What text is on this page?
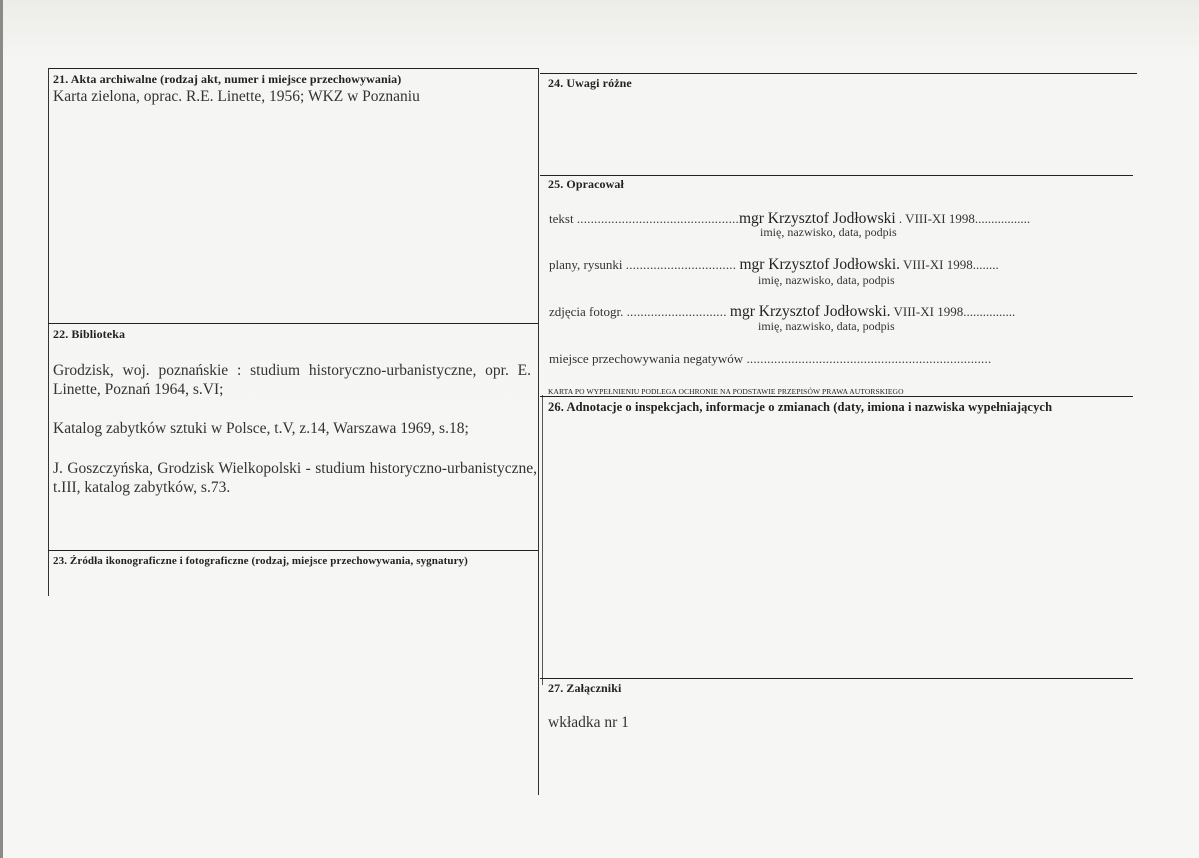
21. Akta archiwalne (rodzaj akt, numer i miejsce przechowywania)
Karta zielona, oprac. R.E. Linette, 1956; WKZ w Poznaniu
22. Biblioteka
Grodzisk, woj. poznańskie : studium historyczno-urbanistyczne, opr. E. Linette, Poznań 1964, s.VI;
Katalog zabytków sztuki w Polsce, t.V, z.14, Warszawa 1969, s.18;
J. Goszczyńska, Grodzisk Wielkopolski - studium historyczno-urbanistyczne, t.III, katalog zabytków, s.73.
23. Źródła ikonograficzne i fotograficzne (rodzaj, miejsce przechowywania, sygnatury)
24. Uwagi różne
25. Opracował
tekst ...............................................mgr Krzysztof Jodłowski . VIII-XI 1998.................
imię, nazwisko, data, podpis
plany, rysunki ................................ mgr Krzysztof Jodłowski. VIII-XI 1998........
imię, nazwisko, data, podpis
zdjęcia fotogr. ............................. mgr Krzysztof Jodłowski. VIII-XI 1998................
imię, nazwisko, data, podpis
miejsce przechowywania negatywów .......................................................................
KARTA PO WYPEŁNIENIU PODLEGA OCHRONIE NA PODSTAWIE PRZEPISÓW PRAWA AUTORSKIEGO
26. Adnotacje o inspekcjach, informacje o zmianach (daty, imiona i nazwiska wypełniających
27. Załączniki
wkładka nr 1
